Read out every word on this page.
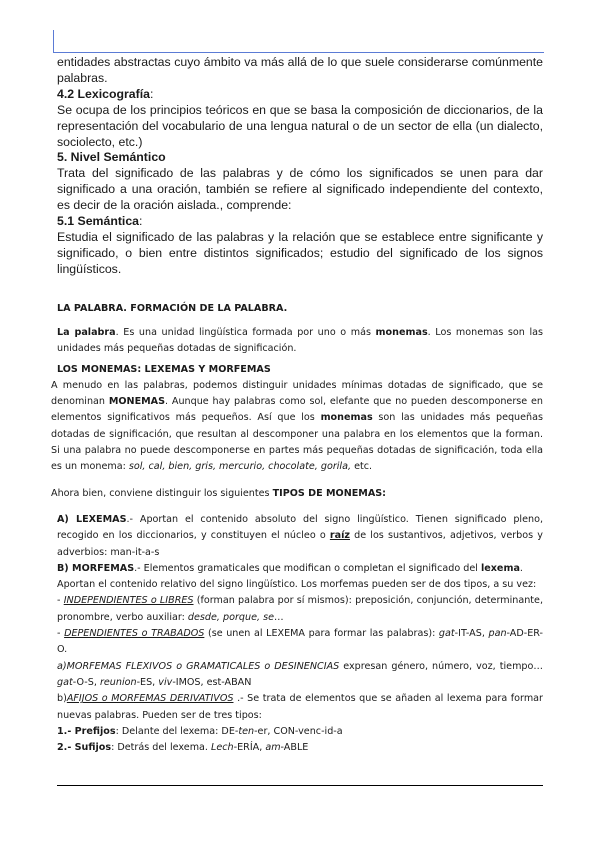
entidades abstractas cuyo ámbito va más allá de lo que suele considerarse comúnmente palabras.

4.2 Lexicografía:

Se ocupa de los principios teóricos en que se basa la composición de diccionarios, de la representación del vocabulario de una lengua natural o de un sector de ella (un dialecto, sociolecto, etc.)

5. Nivel Semántico

Trata del significado de las palabras y de cómo los significados se unen para dar significado a una oración, también se refiere al significado independiente del contexto, es decir de la oración aislada., comprende:

5.1 Semántica:

Estudia el significado de las palabras y la relación que se establece entre significante y significado, o bien entre distintos significados; estudio del significado de los signos lingüísticos.

LA PALABRA. FORMACIÓN DE LA PALABRA.

La palabra. Es una unidad lingüística formada por uno o más monemas. Los monemas son las unidades más pequeñas dotadas de significación.

LOS MONEMAS: LEXEMAS Y MORFEMAS

A menudo en las palabras, podemos distinguir unidades mínimas dotadas de significado, que se denominan MONEMAS. Aunque hay palabras como sol, elefante que no pueden descomponerse en elementos significativos más pequeños. Así que los monemas son las unidades más pequeñas dotadas de significación, que resultan al descomponer una palabra en los elementos que la forman. Si una palabra no puede descomponerse en partes más pequeñas dotadas de significación, toda ella es un monema: sol, cal, bien, gris, mercurio, chocolate, gorila, etc.

Ahora bien, conviene distinguir los siguientes TIPOS DE MONEMAS:

A) LEXEMAS.- Aportan el contenido absoluto del signo lingüístico. Tienen significado pleno, recogido en los diccionarios, y constituyen el núcleo o raíz de los sustantivos, adjetivos, verbos y adverbios: man-it-a-s

B) MORFEMAS.- Elementos gramaticales que modifican o completan el significado del lexema.

Aportan el contenido relativo del signo lingüístico. Los morfemas pueden ser de dos tipos, a su vez:

- INDEPENDIENTES o LIBRES (forman palabra por sí mismos): preposición, conjunción, determinante, pronombre, verbo auxiliar: desde, porque, se…

- DEPENDIENTES o TRABADOS (se unen al LEXEMA para formar las palabras): gat-IT-AS, pan-AD-ER-O.

a)MORFEMAS FLEXIVOS o GRAMATICALES o DESINENCIAS expresan género, número, voz, tiempo…gat-O-S, reunion-ES, viv-IMOS, est-ABAN

b)AFIJOS o MORFEMAS DERIVATIVOS .- Se trata de elementos que se añaden al lexema para formar nuevas palabras. Pueden ser de tres tipos:

1.- Prefijos: Delante del lexema: DE-ten-er, CON-venc-id-a

2.- Sufijos: Detrás del lexema. Lech-ERÍA, am-ABLE
